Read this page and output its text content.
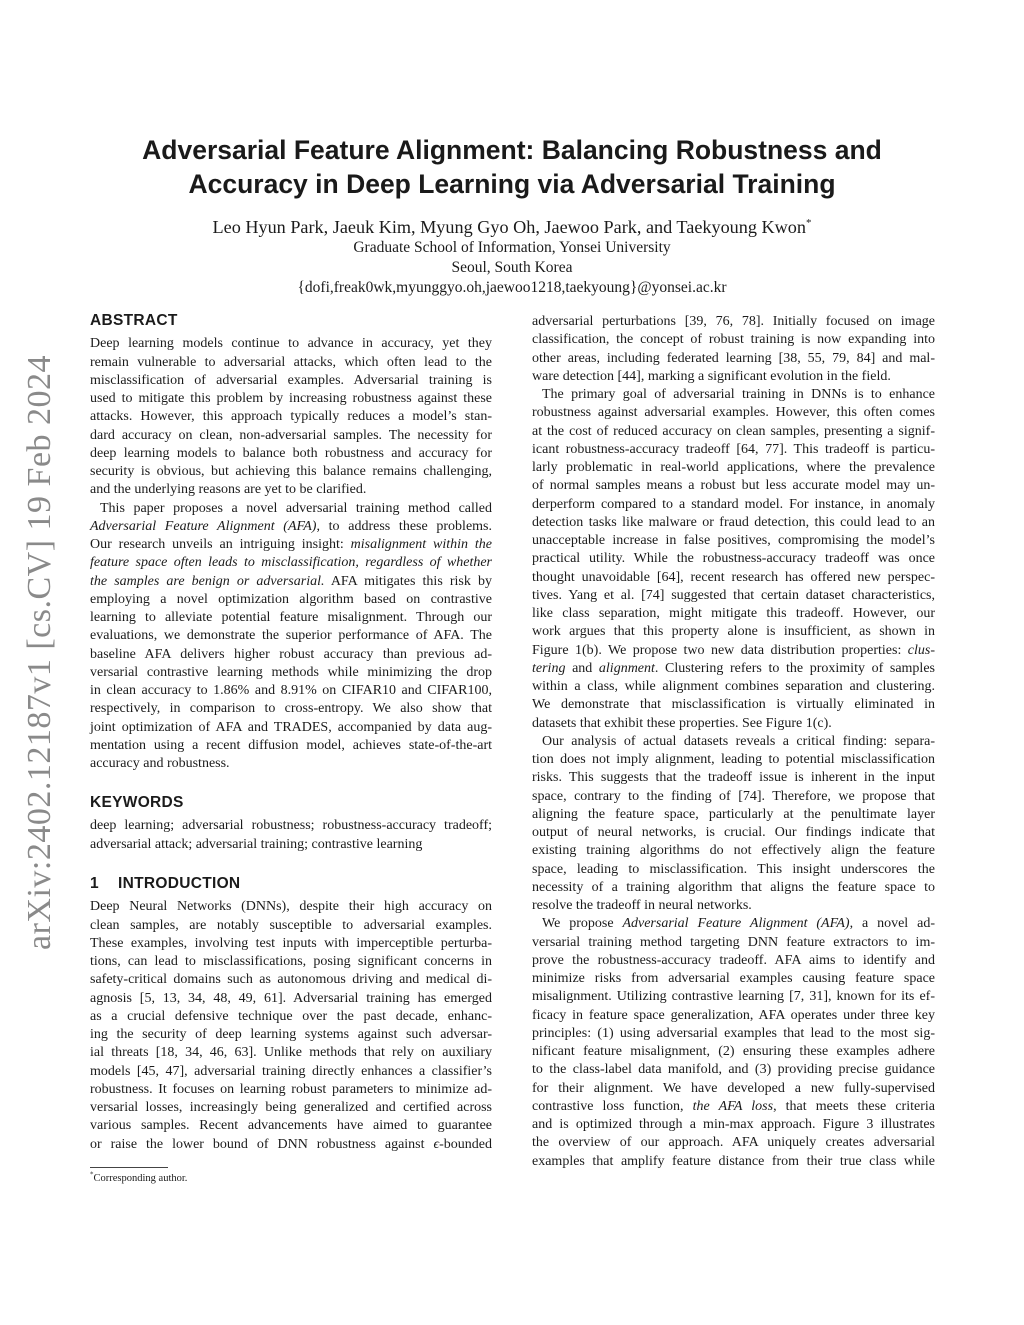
arXiv:2402.12187v1 [cs.CV] 19 Feb 2024
Adversarial Feature Alignment: Balancing Robustness and
Accuracy in Deep Learning via Adversarial Training
Leo Hyun Park, Jaeuk Kim, Myung Gyo Oh, Jaewoo Park, and Taekyoung Kwon*
Graduate School of Information, Yonsei University
Seoul, South Korea
{dofi,freak0wk,myunggyo.oh,jaewoo1218,taekyoung}@yonsei.ac.kr
ABSTRACT
Deep learning models continue to advance in accuracy, yet they
remain vulnerable to adversarial attacks, which often lead to the
misclassification of adversarial examples. Adversarial training is
used to mitigate this problem by increasing robustness against these
attacks. However, this approach typically reduces a model’s stan-
dard accuracy on clean, non-adversarial samples. The necessity for
deep learning models to balance both robustness and accuracy for
security is obvious, but achieving this balance remains challenging,
and the underlying reasons are yet to be clarified.
This paper proposes a novel adversarial training method called
Adversarial Feature Alignment (AFA), to address these problems.
Our research unveils an intriguing insight: misalignment within the
feature space often leads to misclassification, regardless of whether
the samples are benign or adversarial. AFA mitigates this risk by
employing a novel optimization algorithm based on contrastive
learning to alleviate potential feature misalignment. Through our
evaluations, we demonstrate the superior performance of AFA. The
baseline AFA delivers higher robust accuracy than previous ad-
versarial contrastive learning methods while minimizing the drop
in clean accuracy to 1.86% and 8.91% on CIFAR10 and CIFAR100,
respectively, in comparison to cross-entropy. We also show that
joint optimization of AFA and TRADES, accompanied by data aug-
mentation using a recent diffusion model, achieves state-of-the-art
accuracy and robustness.
KEYWORDS
deep learning; adversarial robustness; robustness-accuracy tradeoff;
adversarial attack; adversarial training; contrastive learning
1 INTRODUCTION
Deep Neural Networks (DNNs), despite their high accuracy on
clean samples, are notably susceptible to adversarial examples.
These examples, involving test inputs with imperceptible perturba-
tions, can lead to misclassifications, posing significant concerns in
safety-critical domains such as autonomous driving and medical di-
agnosis [5, 13, 34, 48, 49, 61]. Adversarial training has emerged
as a crucial defensive technique over the past decade, enhanc-
ing the security of deep learning systems against such adversar-
ial threats [18, 34, 46, 63]. Unlike methods that rely on auxiliary
models [45, 47], adversarial training directly enhances a classifier’s
robustness. It focuses on learning robust parameters to minimize ad-
versarial losses, increasingly being generalized and certified across
various samples. Recent advancements have aimed to guarantee
or raise the lower bound of DNN robustness against ϵ-bounded
adversarial perturbations [39, 76, 78]. Initially focused on image
classification, the concept of robust training is now expanding into
other areas, including federated learning [38, 55, 79, 84] and mal-
ware detection [44], marking a significant evolution in the field.
The primary goal of adversarial training in DNNs is to enhance
robustness against adversarial examples. However, this often comes
at the cost of reduced accuracy on clean samples, presenting a signif-
icant robustness-accuracy tradeoff [64, 77]. This tradeoff is particu-
larly problematic in real-world applications, where the prevalence
of normal samples means a robust but less accurate model may un-
derperform compared to a standard model. For instance, in anomaly
detection tasks like malware or fraud detection, this could lead to an
unacceptable increase in false positives, compromising the model’s
practical utility. While the robustness-accuracy tradeoff was once
thought unavoidable [64], recent research has offered new perspec-
tives. Yang et al. [74] suggested that certain dataset characteristics,
like class separation, might mitigate this tradeoff. However, our
work argues that this property alone is insufficient, as shown in
Figure 1(b). We propose two new data distribution properties: clus-
tering and alignment. Clustering refers to the proximity of samples
within a class, while alignment combines separation and clustering.
We demonstrate that misclassification is virtually eliminated in
datasets that exhibit these properties. See Figure 1(c).
Our analysis of actual datasets reveals a critical finding: separa-
tion does not imply alignment, leading to potential misclassification
risks. This suggests that the tradeoff issue is inherent in the input
space, contrary to the finding of [74]. Therefore, we propose that
aligning the feature space, particularly at the penultimate layer
output of neural networks, is crucial. Our findings indicate that
existing training algorithms do not effectively align the feature
space, leading to misclassification. This insight underscores the
necessity of a training algorithm that aligns the feature space to
resolve the tradeoff in neural networks.
We propose Adversarial Feature Alignment (AFA), a novel ad-
versarial training method targeting DNN feature extractors to im-
prove the robustness-accuracy tradeoff. AFA aims to identify and
minimize risks from adversarial examples causing feature space
misalignment. Utilizing contrastive learning [7, 31], known for its ef-
ficacy in feature space generalization, AFA operates under three key
principles: (1) using adversarial examples that lead to the most sig-
nificant feature misalignment, (2) ensuring these examples adhere
to the class-label data manifold, and (3) providing precise guidance
for their alignment. We have developed a new fully-supervised
contrastive loss function, the AFA loss, that meets these criteria
and is optimized through a min-max approach. Figure 3 illustrates
the overview of our approach. AFA uniquely creates adversarial
examples that amplify feature distance from their true class while
*Corresponding author.
